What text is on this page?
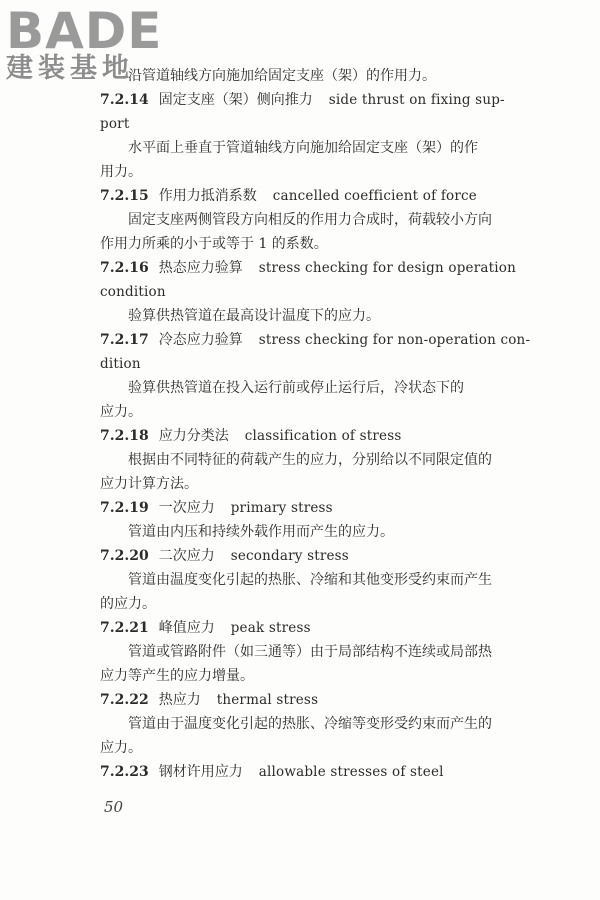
BADE
建装基地
沿管道轴线方向施加给固定支座（架）的作用力。
7.2.14 固定支座（架）侧向推力 side thrust on fixing sup-
port
水平面上垂直于管道轴线方向施加给固定支座（架）的作
用力。
7.2.15 作用力抵消系数 cancelled coefficient of force
固定支座两侧管段方向相反的作用力合成时，荷载较小方向
作用力所乘的小于或等于 1 的系数。
7.2.16 热态应力验算 stress checking for design operation
condition
验算供热管道在最高设计温度下的应力。
7.2.17 冷态应力验算 stress checking for non-operation con-
dition
验算供热管道在投入运行前或停止运行后，冷状态下的
应力。
7.2.18 应力分类法 classification of stress
根据由不同特征的荷载产生的应力，分别给以不同限定值的
应力计算方法。
7.2.19 一次应力 primary stress
管道由内压和持续外载作用而产生的应力。
7.2.20 二次应力 secondary stress
管道由温度变化引起的热胀、冷缩和其他变形受约束而产生
的应力。
7.2.21 峰值应力 peak stress
管道或管路附件（如三通等）由于局部结构不连续或局部热
应力等产生的应力增量。
7.2.22 热应力 thermal stress
管道由于温度变化引起的热胀、冷缩等变形受约束而产生的
应力。
7.2.23 钢材许用应力 allowable stresses of steel
50
